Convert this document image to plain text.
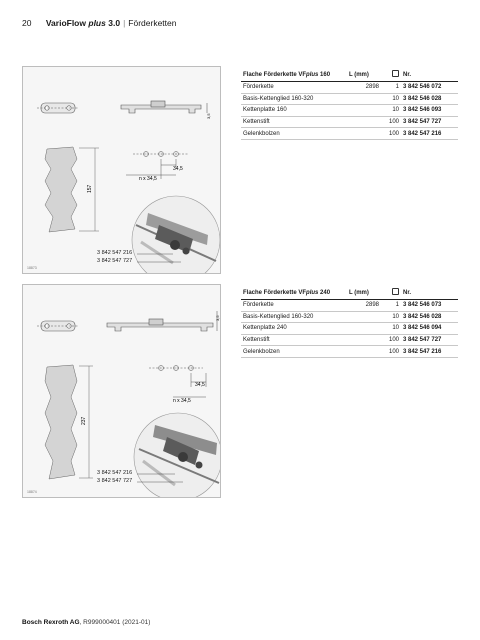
20 VarioFlow plus 3.0 | Förderketten
3,5
34,5
n x 34,5
157
3 842 547 216
3 842 547 727
18873
Flache Förderkette VFplus 160	L (mm)		Nr.
Förderkette	2898	1	3 842 546 072
Basis-Kettenglied 160-320		10	3 842 546 028
Kettenplatte 160		10	3 842 546 093
Kettenstift		100	3 842 547 727
Gelenkbolzen		100	3 842 547 216
3,5
34,5
n x 34,5
237
3 842 547 216
3 842 547 727
18874
Flache Förderkette VFplus 240	L (mm)		Nr.
Förderkette	2898	1	3 842 546 073
Basis-Kettenglied 160-320		10	3 842 546 028
Kettenplatte 240		10	3 842 546 094
Kettenstift		100	3 842 547 727
Gelenkbolzen		100	3 842 547 216
Bosch Rexroth AG, R999000401 (2021-01)
